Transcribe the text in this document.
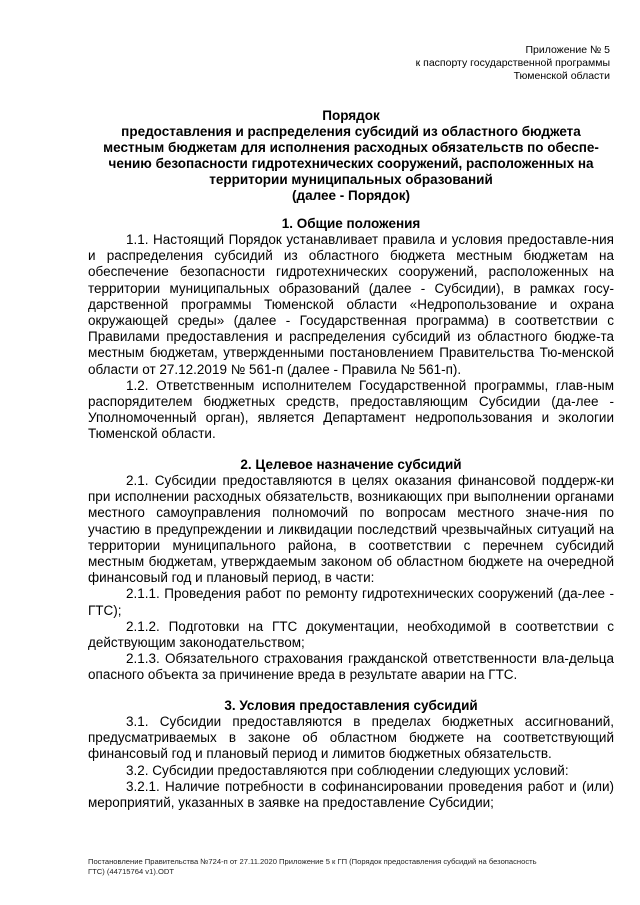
Приложение № 5
к паспорту государственной программы
Тюменской области
Порядок
предоставления и распределения субсидий из областного бюджета
местным бюджетам для исполнения расходных обязательств по обеспе-
чению безопасности гидротехнических сооружений, расположенных на
территории муниципальных образований
(далее - Порядок)

1. Общие положения

1.1. Настоящий Порядок устанавливает правила и условия предоставле-ния и распределения субсидий из областного бюджета местным бюджетам на обеспечение безопасности гидротехнических сооружений, расположенных на территории муниципальных образований (далее - Субсидии), в рамках госу-дарственной программы Тюменской области «Недропользование и охрана окружающей среды» (далее - Государственная программа) в соответствии с Правилами предоставления и распределения субсидий из областного бюдже-та местным бюджетам, утвержденными постановлением Правительства Тю-менской области от 27.12.2019 № 561-п (далее - Правила № 561-п).

1.2. Ответственным исполнителем Государственной программы, глав-ным распорядителем бюджетных средств, предоставляющим Субсидии (да-лее - Уполномоченный орган), является Департамент недропользования и экологии Тюменской области.

2. Целевое назначение субсидий

2.1. Субсидии предоставляются в целях оказания финансовой поддерж-ки при исполнении расходных обязательств, возникающих при выполнении органами местного самоуправления полномочий по вопросам местного значе-ния по участию в предупреждении и ликвидации последствий чрезвычайных ситуаций на территории муниципального района, в соответствии с перечнем субсидий местным бюджетам, утверждаемым законом об областном бюджете на очередной финансовый год и плановый период, в части:

2.1.1. Проведения работ по ремонту гидротехнических сооружений (да-лее - ГТС);

2.1.2. Подготовки на ГТС документации, необходимой в соответствии с действующим законодательством;

2.1.3. Обязательного страхования гражданской ответственности вла-дельца опасного объекта за причинение вреда в результате аварии на ГТС.

3. Условия предоставления субсидий

3.1. Субсидии предоставляются в пределах бюджетных ассигнований, предусматриваемых в законе об областном бюджете на соответствующий финансовый год и плановый период и лимитов бюджетных обязательств.

3.2. Субсидии предоставляются при соблюдении следующих условий:

3.2.1. Наличие потребности в софинансировании проведения работ и (или) мероприятий, указанных в заявке на предоставление Субсидии;

Постановление Правительства №724-п от 27.11.2020 Приложение 5 к ГП (Порядок предоставления субсидий на безопасность
ГТС) (44715764 v1).ODT
